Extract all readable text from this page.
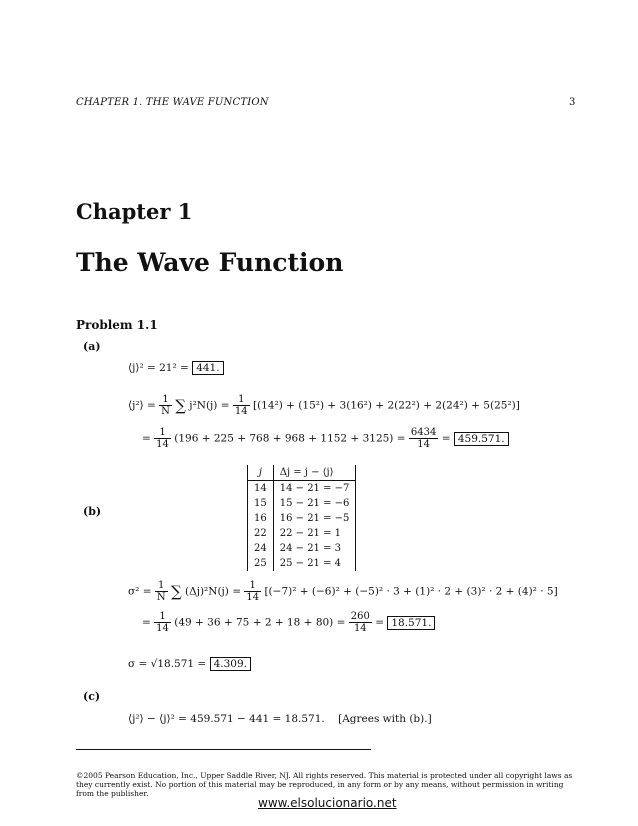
CHAPTER 1. THE WAVE FUNCTION	3
Chapter 1
The Wave Function
Problem 1.1
(a)
⟨j⟩² = 21² = 441.
⟨j²⟩ = $\frac{1}{N}$ ∑ $j^2N(j) = \frac{1}{14} [(14^2) + (15^2) + 3(16^2) + 2(22^2) + 2(24^2) + 5(25^2)]$
= $\frac{1}{14} (196 + 225 + 768 + 968 + 1152 + 3125) = \frac{6434}{14} = 459.571$.
(b)
j	Δj = j − ⟨j⟩
14	14 − 21 = −7
15	15 − 21 = −6
16	16 − 21 = −5
22	22 − 21 = 1
24	24 − 21 = 3
25	25 − 21 = 4
$\sigma^2 = \frac{1}{N}$ ∑ $(\Delta j)^2N(j) = \frac{1}{14} [(-7)^2 + (-6)^2 + (-5)^2 \cdot 3 + (1)^2 \cdot 2 + (3)^2 \cdot 2 + (4)^2 \cdot 5]$
= $\frac{1}{14} (49 + 36 + 75 + 2 + 18 + 80) = \frac{260}{14} = 18.571$.
σ = √18.571 = 4.309.
(c)
⟨j²⟩ − ⟨j⟩² = 459.571 − 441 = 18.571. [Agrees with (b).]
©2005 Pearson Education, Inc., Upper Saddle River, NJ. All rights reserved. This material is protected under all copyright laws as they currently exist. No portion of this material may be reproduced, in any form or by any means, without permission in writing from the publisher.
www.elsolucionario.net
